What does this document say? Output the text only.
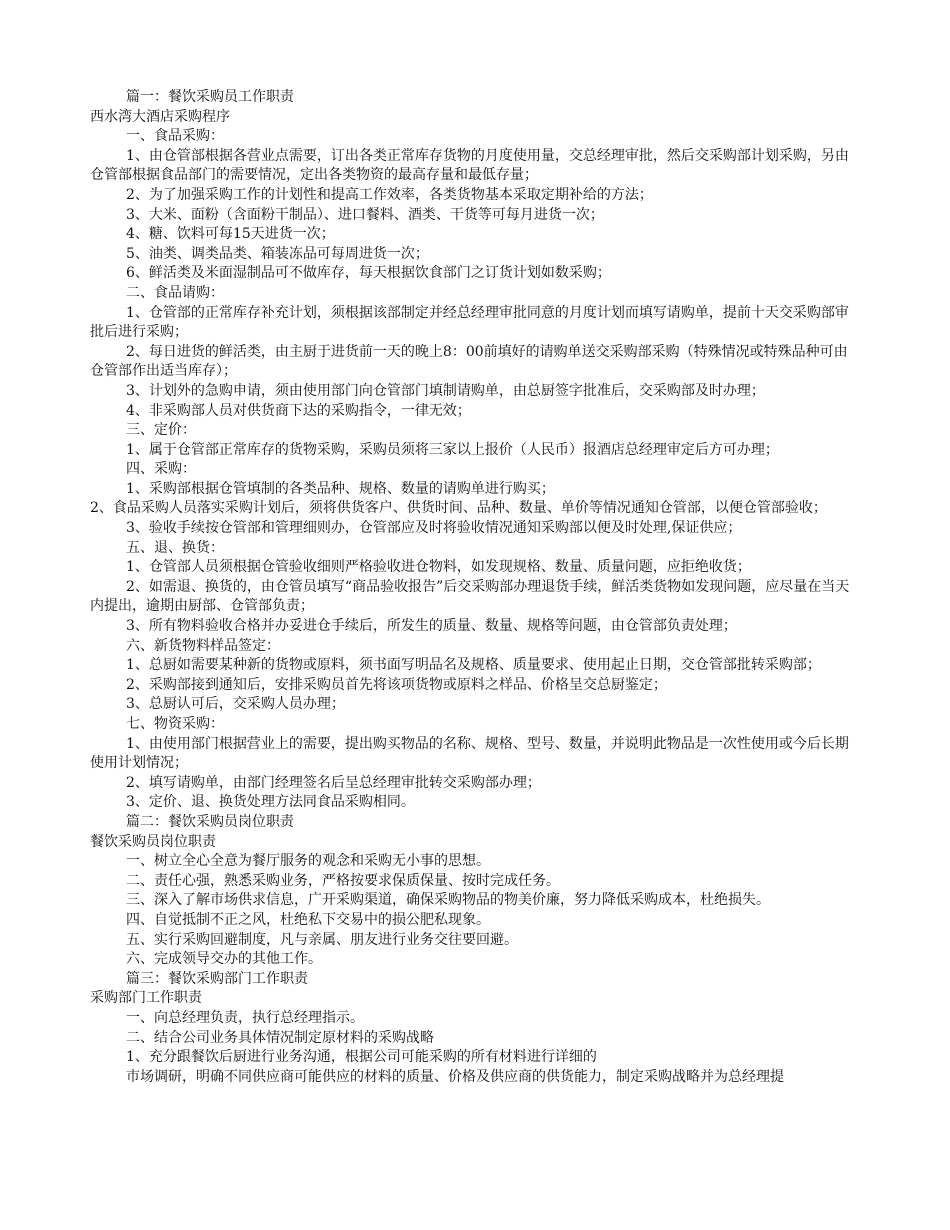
篇一：餐饮采购员工作职责

西水湾大酒店采购程序

一、食品采购：

1、由仓管部根据各营业点需要，订出各类正常库存货物的月度使用量，交总经理审批，然后交采购部计划采购，另由仓管部根据食品部门的需要情况，定出各类物资的最高存量和最低存量；

2、为了加强采购工作的计划性和提高工作效率，各类货物基本采取定期补给的方法；

3、大米、面粉（含面粉干制品）、进口餐料、酒类、干货等可每月进货一次；

4、糖、饮料可每15天进货一次；

5、油类、调类品类、箱装冻品可每周进货一次；

6、鲜活类及米面湿制品可不做库存，每天根据饮食部门之订货计划如数采购；

二、食品请购：

1、仓管部的正常库存补充计划，须根据该部制定并经总经理审批同意的月度计划而填写请购单，提前十天交采购部审批后进行采购；

2、每日进货的鲜活类，由主厨于进货前一天的晚上8：00前填好的请购单送交采购部采购（特殊情况或特殊品种可由仓管部作出适当库存）；

3、计划外的急购申请，须由使用部门向仓管部门填制请购单，由总厨签字批准后，交采购部及时办理；

4、非采购部人员对供货商下达的采购指令，一律无效；

三、定价：

1、属于仓管部正常库存的货物采购，采购员须将三家以上报价（人民币）报酒店总经理审定后方可办理；

四、采购：

1、采购部根据仓管填制的各类品种、规格、数量的请购单进行购买；

2、食品采购人员落实采购计划后，须将供货客户、供货时间、品种、数量、单价等情况通知仓管部，以便仓管部验收；

3、验收手续按仓管部和管理细则办，仓管部应及时将验收情况通知采购部以便及时处理,保证供应；

五、退、换货：

1、仓管部人员须根据仓管验收细则严格验收进仓物料，如发现规格、数量、质量问题，应拒绝收货；

2、如需退、换货的，由仓管员填写“商品验收报告”后交采购部办理退货手续，鲜活类货物如发现问题，应尽量在当天内提出，逾期由厨部、仓管部负责；

3、所有物料验收合格并办妥进仓手续后，所发生的质量、数量、规格等问题，由仓管部负责处理；

六、新货物料样品签定：

1、总厨如需要某种新的货物或原料，须书面写明品名及规格、质量要求、使用起止日期，交仓管部批转采购部；

2、采购部接到通知后，安排采购员首先将该项货物或原料之样品、价格呈交总厨鉴定；

3、总厨认可后，交采购人员办理；

七、物资采购：

1、由使用部门根据营业上的需要，提出购买物品的名称、规格、型号、数量，并说明此物品是一次性使用或今后长期使用计划情况；

2、填写请购单，由部门经理签名后呈总经理审批转交采购部办理；

3、定价、退、换货处理方法同食品采购相同。

篇二：餐饮采购员岗位职责

餐饮采购员岗位职责

一、树立全心全意为餐厅服务的观念和采购无小事的思想。

二、责任心强，熟悉采购业务，严格按要求保质保量、按时完成任务。

三、深入了解市场供求信息，广开采购渠道，确保采购物品的物美价廉，努力降低采购成本，杜绝损失。

四、自觉抵制不正之风，杜绝私下交易中的损公肥私现象。

五、实行采购回避制度，凡与亲属、朋友进行业务交往要回避。

六、完成领导交办的其他工作。

篇三：餐饮采购部门工作职责

采购部门工作职责

一、向总经理负责，执行总经理指示。

二、结合公司业务具体情况制定原材料的采购战略

1、充分跟餐饮后厨进行业务沟通，根据公司可能采购的所有材料进行详细的

市场调研，明确不同供应商可能供应的材料的质量、价格及供应商的供货能力，制定采购战略并为总经理提
